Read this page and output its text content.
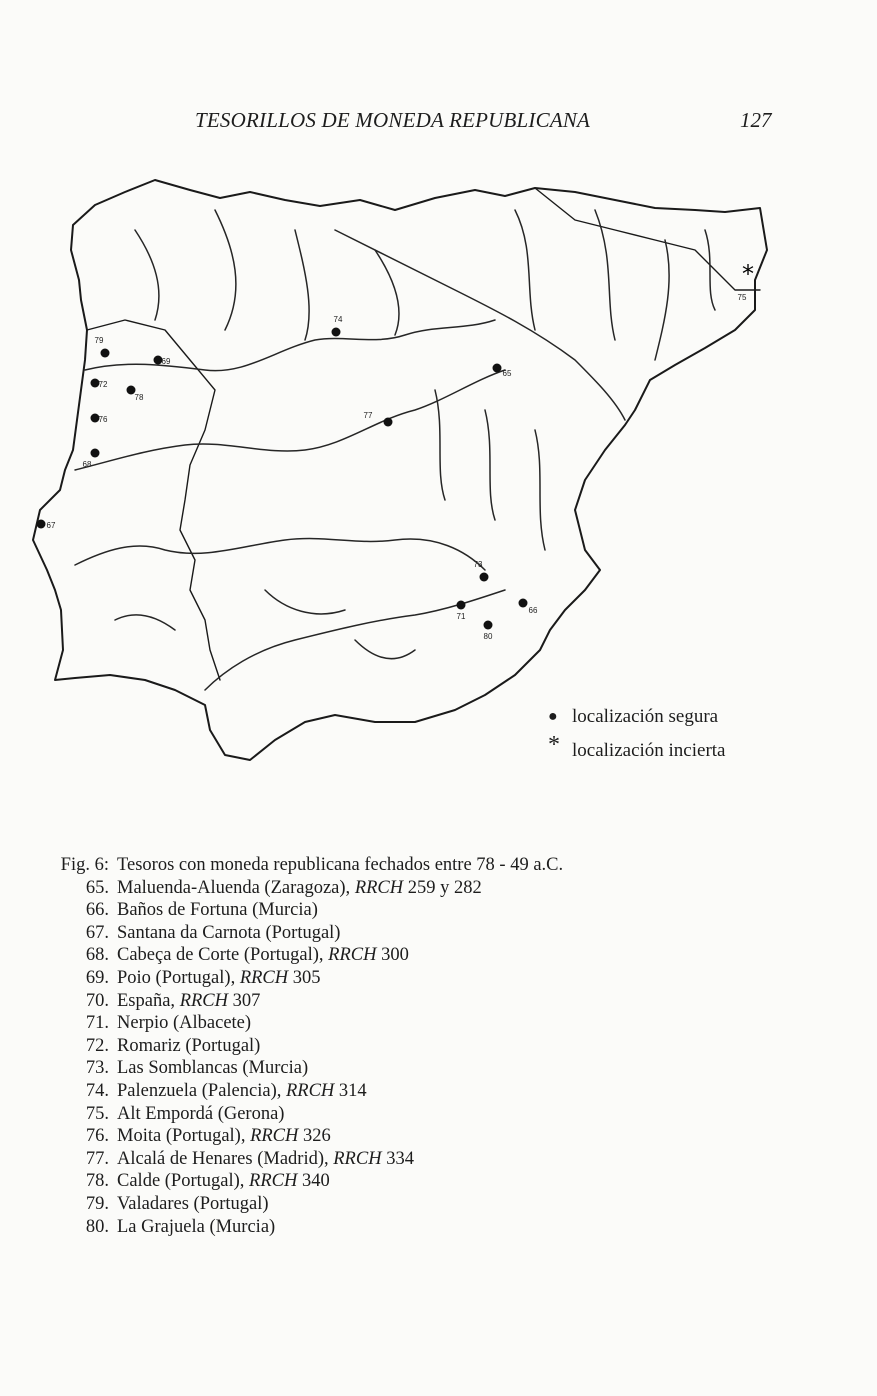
TESORILLOS DE MONEDA REPUBLICANA	127
65
66
67
68
69
71
72
73
74
*
75
76	77
78
79
80
● localización segura
* localización incierta
Fig. 6: Tesoros con moneda republicana fechados entre 78 - 49 a.C.
65. Maluenda-Aluenda (Zaragoza), RRCH 259 y 282
66. Baños de Fortuna (Murcia)
67. Santana da Carnota (Portugal)
68. Cabeça de Corte (Portugal), RRCH 300
69. Poio (Portugal), RRCH 305
70. España, RRCH 307
71. Nerpio (Albacete)
72. Romariz (Portugal)
73. Las Somblancas (Murcia)
74. Palenzuela (Palencia), RRCH 314
75. Alt Empordá (Gerona)
76. Moita (Portugal), RRCH 326
77. Alcalá de Henares (Madrid), RRCH 334
78. Calde (Portugal), RRCH 340
79. Valadares (Portugal)
80. La Grajuela (Murcia)
